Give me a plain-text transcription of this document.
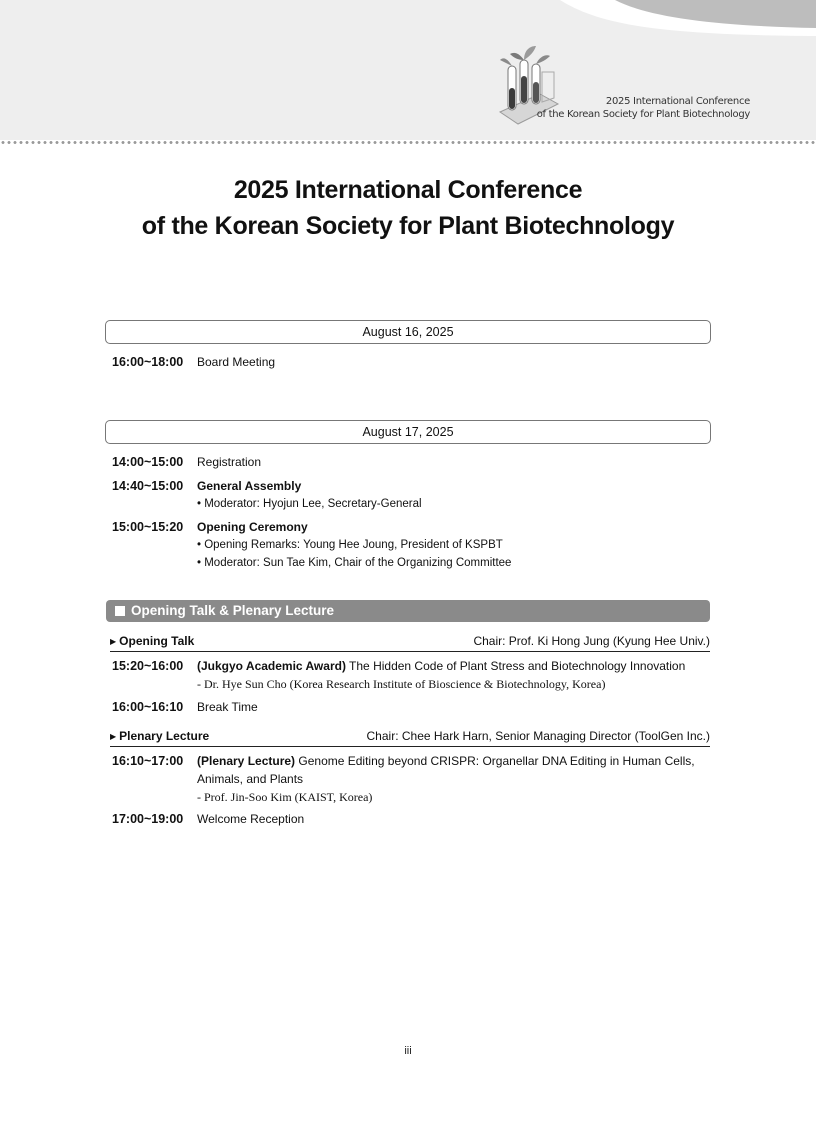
2025 International Conference
of the Korean Society for Plant Biotechnology
2025 International Conference
of the Korean Society for Plant Biotechnology
August 16, 2025
16:00~18:00	Board Meeting
August 17, 2025
14:00~15:00	Registration
14:40~15:00	General Assembly
• Moderator: Hyojun Lee, Secretary-General
15:00~15:20	Opening Ceremony
• Opening Remarks: Young Hee Joung, President of KSPBT
• Moderator: Sun Tae Kim, Chair of the Organizing Committee
Opening Talk & Plenary Lecture
▶ Opening Talk	Chair: Prof. Ki Hong Jung (Kyung Hee Univ.)
15:20~16:00	(Jukgyo Academic Award) The Hidden Code of Plant Stress and Biotechnology Innovation
- Dr. Hye Sun Cho (Korea Research Institute of Bioscience & Biotechnology, Korea)
16:00~16:10	Break Time
▶ Plenary Lecture	Chair: Chee Hark Harn, Senior Managing Director (ToolGen Inc.)
16:10~17:00	(Plenary Lecture) Genome Editing beyond CRISPR: Organellar DNA Editing in Human Cells, Animals, and Plants
- Prof. Jin-Soo Kim (KAIST, Korea)
17:00~19:00	Welcome Reception
iii
